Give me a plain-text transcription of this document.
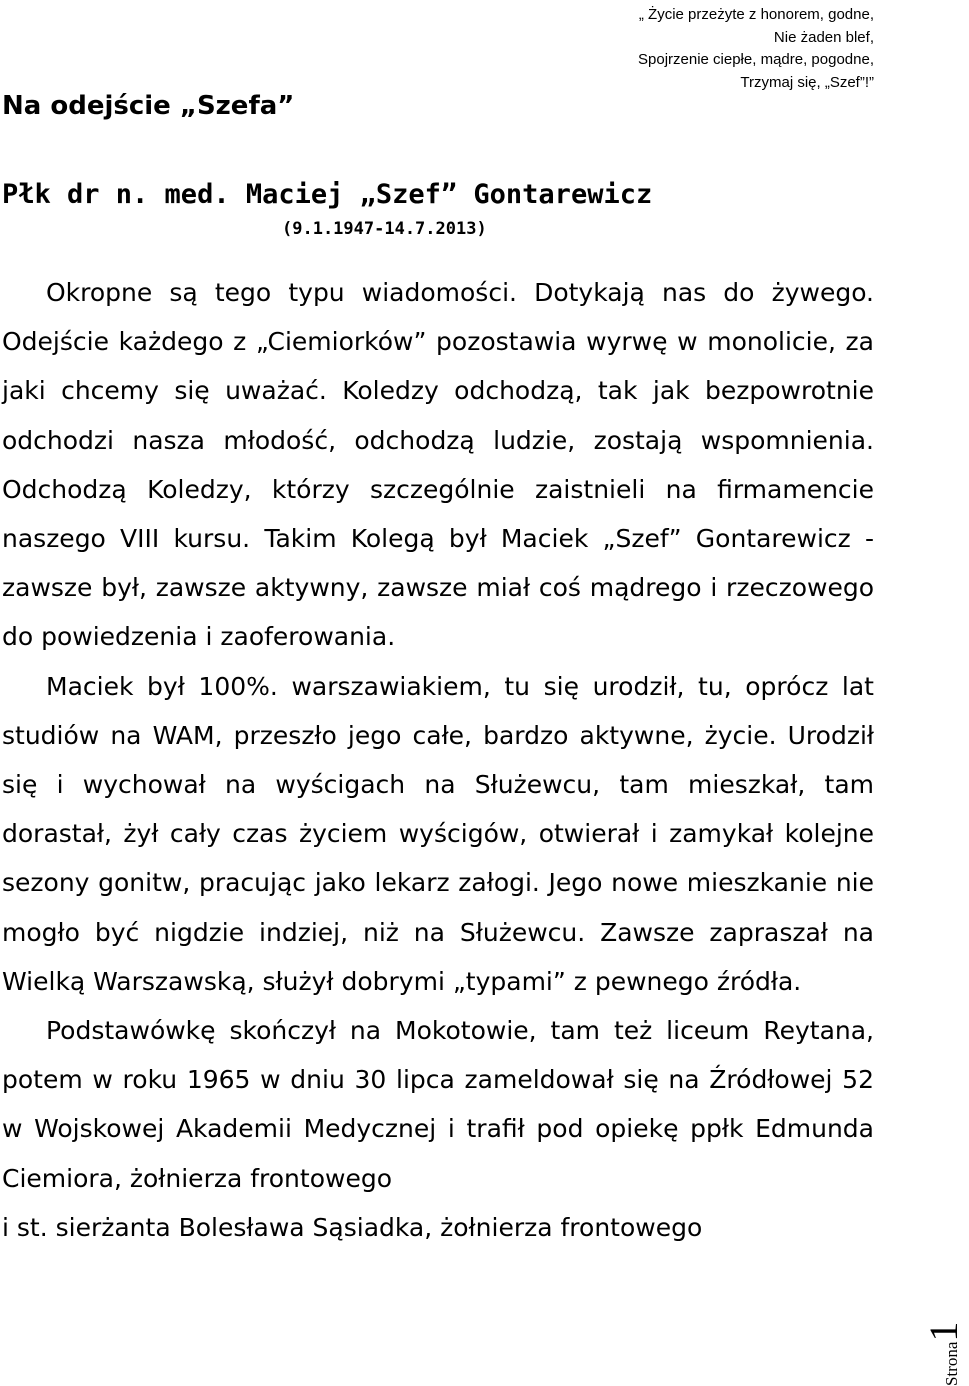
„ Życie przeżyte z honorem, godne,
Nie żaden blef,
Spojrzenie ciepłe, mądre, pogodne,
Trzymaj się, „Szef”!”
Na odejście „Szefa”
Płk dr n. med. Maciej „Szef” Gontarewicz
(9.1.1947-14.7.2013)

Okropne są tego typu wiadomości. Dotykają nas do żywego. Odejście każdego z „Ciemiorków” pozostawia wyrwę w monolicie, za jaki chcemy się uważać. Koledzy odchodzą, tak jak bezpowrotnie odchodzi nasza młodość, odchodzą ludzie, zostają wspomnienia. Odchodzą Koledzy, którzy szczególnie zaistnieli na firmamencie naszego VIII kursu. Takim Kolegą był Maciek „Szef” Gontarewicz - zawsze był, zawsze aktywny, zawsze miał coś mądrego i rzeczowego do powiedzenia i zaoferowania.

Maciek był 100%. warszawiakiem, tu się urodził, tu, oprócz lat studiów na WAM, przeszło jego całe, bardzo aktywne, życie. Urodził się i wychował na wyścigach na Służewcu, tam mieszkał, tam dorastał, żył cały czas życiem wyścigów, otwierał i zamykał kolejne sezony gonitw, pracując jako lekarz załogi. Jego nowe mieszkanie nie mogło być nigdzie indziej, niż na Służewcu. Zawsze zapraszał na Wielką Warszawską, służył dobrymi „typami” z pewnego źródła.

Podstawówkę skończył na Mokotowie, tam też liceum Reytana, potem w roku 1965 w dniu 30 lipca zameldował się na Źródłowej 52 w Wojskowej Akademii Medycznej i trafił pod opiekę ppłk Edmunda Ciemiora, żołnierza frontowego

i st. sierżanta Bolesława Sąsiadka, żołnierza frontowego

Strona1
